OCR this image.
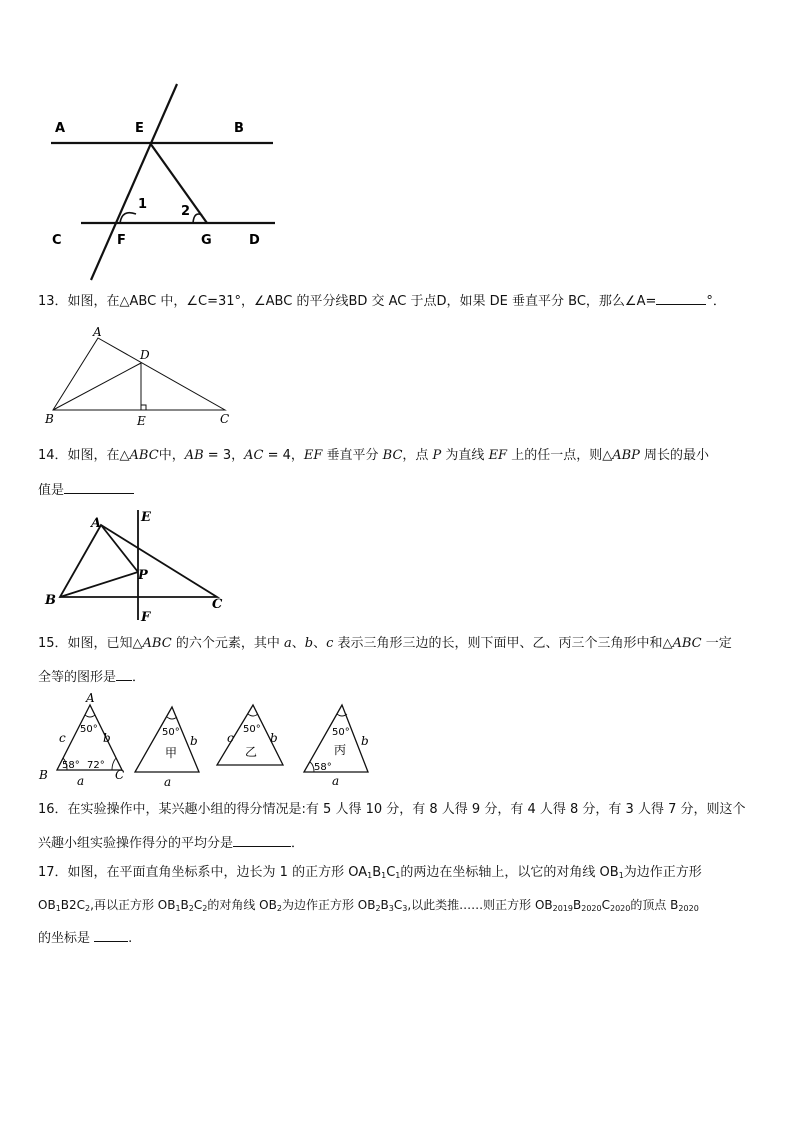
A	E	B
1	2
C	F	G	D
13．如图，在△ABC 中，∠C=31°，∠ABC 的平分线BD 交 AC 于点D，如果 DE 垂直平分 BC，那么∠A=	°．
A
D
B	E	C
14．如图，在△ABC中，AB = 3，AC = 4，EF 垂直平分 BC，点 P 为直线 EF 上的任一点，则△ABP 周长的最小
值是
A	E
P
B	C
F
15．如图，已知△ABC 的六个元素，其中 a、b、c 表示三角形三边的长，则下面甲、乙、丙三个三角形中和△ABC 一定
全等的图形是 ．
A
c	b
50°
58° 72°
B	C
a
50°
甲
b
a
50°
乙
c	b	50°
丙
58°
b
a
16．在实验操作中，某兴趣小组的得分情况是:有 5 人得 10 分，有 8 人得 9 分，有 4 人得 8 分，有 3 人得 7 分，则这个
兴趣小组实验操作得分的平均分是	．
17．如图，在平面直角坐标系中，边长为 1 的正方形 $OA_1B_1C_1$的两边在坐标轴上，以它的对角线 $OB_1$为边作正方形
$OB_1B2C_2$,再以正方形 $OB_1B_2C_2$的对角线 $OB_2$为边作正方形 $OB_2B_3C_3$,以此类推……则正方形 $OB_{2019}B_{2020}C_{2020}$的顶点 $B_{2020}$
的坐标是	.
